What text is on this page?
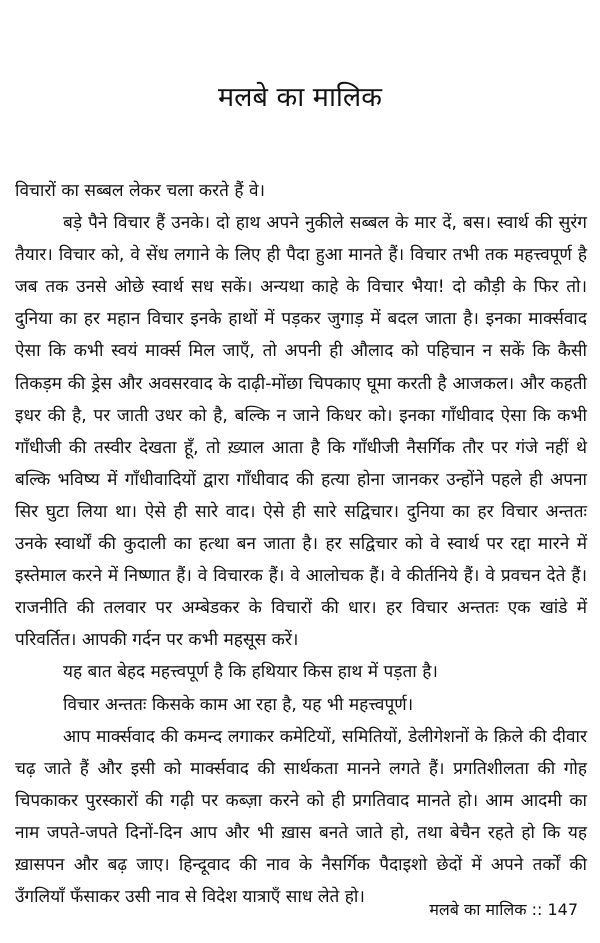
मलबे का मालिक

विचारों का सब्बल लेकर चला करते हैं वे।

बड़े पैने विचार हैं उनके। दो हाथ अपने नुकीले सब्बल के मार दें, बस। स्वार्थ की सुरंग तैयार। विचार को, वे सेंध लगाने के लिए ही पैदा हुआ मानते हैं। विचार तभी तक महत्त्वपूर्ण है जब तक उनसे ओछे स्वार्थ सध सकें। अन्यथा काहे के विचार भैया! दो कौड़ी के फिर तो। दुनिया का हर महान विचार इनके हाथों में पड़कर जुगाड़ में बदल जाता है। इनका मार्क्सवाद ऐसा कि कभी स्वयं मार्क्स मिल जाएँ, तो अपनी ही औलाद को पहिचान न सकें कि कैसी तिकड़म की ड्रेस और अवसरवाद के दाढ़ी-मोंछा चिपकाए घूमा करती है आजकल। और कहती इधर की है, पर जाती उधर को है, बल्कि न जाने किधर को। इनका गाँधीवाद ऐसा कि कभी गाँधीजी की तस्वीर देखता हूँ, तो ख़्याल आता है कि गाँधीजी नैसर्गिक तौर पर गंजे नहीं थे बल्कि भविष्य में गाँधीवादियों द्वारा गाँधीवाद की हत्या होना जानकर उन्होंने पहले ही अपना सिर घुटा लिया था। ऐसे ही सारे वाद। ऐसे ही सारे सद्विचार। दुनिया का हर विचार अन्ततः उनके स्वार्थों की कुदाली का हत्था बन जाता है। हर सद्विचार को वे स्वार्थ पर रद्दा मारने में इस्तेमाल करने में निष्णात हैं। वे विचारक हैं। वे आलोचक हैं। वे कीर्तनिये हैं। वे प्रवचन देते हैं। राजनीति की तलवार पर अम्बेडकर के विचारों की धार। हर विचार अन्ततः एक खांडे में परिवर्तित। आपकी गर्दन पर कभी महसूस करें।

यह बात बेहद महत्त्वपूर्ण है कि हथियार किस हाथ में पड़ता है।

विचार अन्ततः किसके काम आ रहा है, यह भी महत्त्वपूर्ण।

आप मार्क्सवाद की कमन्द लगाकर कमेटियों, समितियों, डेलीगेशनों के क़िले की दीवार चढ़ जाते हैं और इसी को मार्क्सवाद की सार्थकता मानने लगते हैं। प्रगतिशीलता की गोह चिपकाकर पुरस्कारों की गढ़ी पर कब्ज़ा करने को ही प्रगतिवाद मानते हो। आम आदमी का नाम जपते-जपते दिनों-दिन आप और भी ख़ास बनते जाते हो, तथा बेचैन रहते हो कि यह ख़ासपन और बढ़ जाए। हिन्दूवाद की नाव के नैसर्गिक पैदाइशो छेदों में अपने तर्कों की उँगलियाँ फँसाकर उसी नाव से विदेश यात्राएँ साध लेते हो।

मलबे का मालिक :: 147
